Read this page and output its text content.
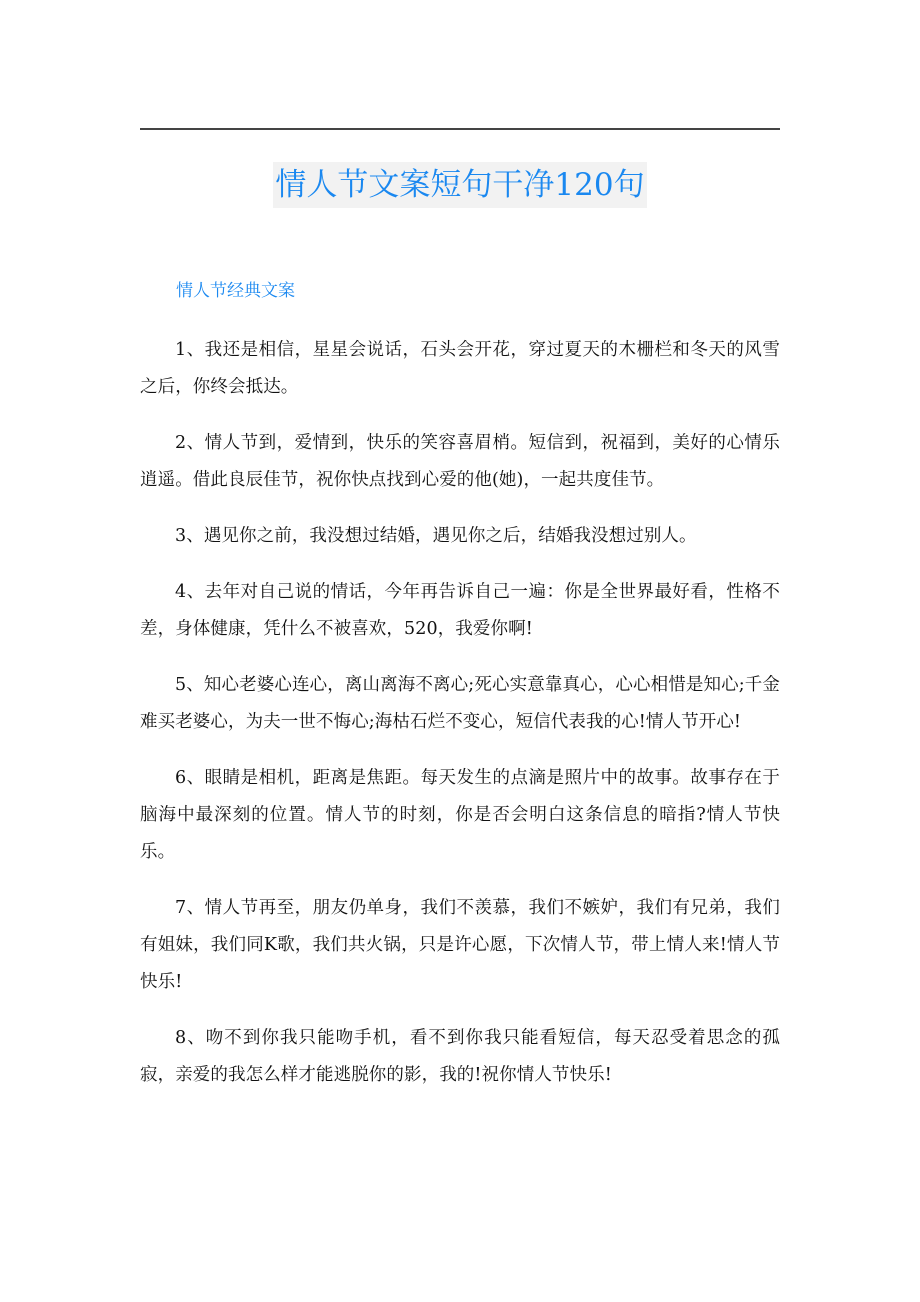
情人节文案短句干净120句

情人节经典文案

1、我还是相信，星星会说话，石头会开花，穿过夏天的木栅栏和冬天的风雪之后，你终会抵达。

2、情人节到，爱情到，快乐的笑容喜眉梢。短信到，祝福到，美好的心情乐逍遥。借此良辰佳节，祝你快点找到心爱的他(她)，一起共度佳节。

3、遇见你之前，我没想过结婚，遇见你之后，结婚我没想过别人。

4、去年对自己说的情话，今年再告诉自己一遍：你是全世界最好看，性格不差，身体健康，凭什么不被喜欢，520，我爱你啊!

5、知心老婆心连心，离山离海不离心;死心实意靠真心，心心相惜是知心;千金难买老婆心，为夫一世不悔心;海枯石烂不变心，短信代表我的心!情人节开心!

6、眼睛是相机，距离是焦距。每天发生的点滴是照片中的故事。故事存在于脑海中最深刻的位置。情人节的时刻，你是否会明白这条信息的暗指?情人节快乐。

7、情人节再至，朋友仍单身，我们不羡慕，我们不嫉妒，我们有兄弟，我们有姐妹，我们同K歌，我们共火锅，只是许心愿，下次情人节，带上情人来!情人节快乐!

8、吻不到你我只能吻手机，看不到你我只能看短信，每天忍受着思念的孤寂，亲爱的我怎么样才能逃脱你的影，我的!祝你情人节快乐!
